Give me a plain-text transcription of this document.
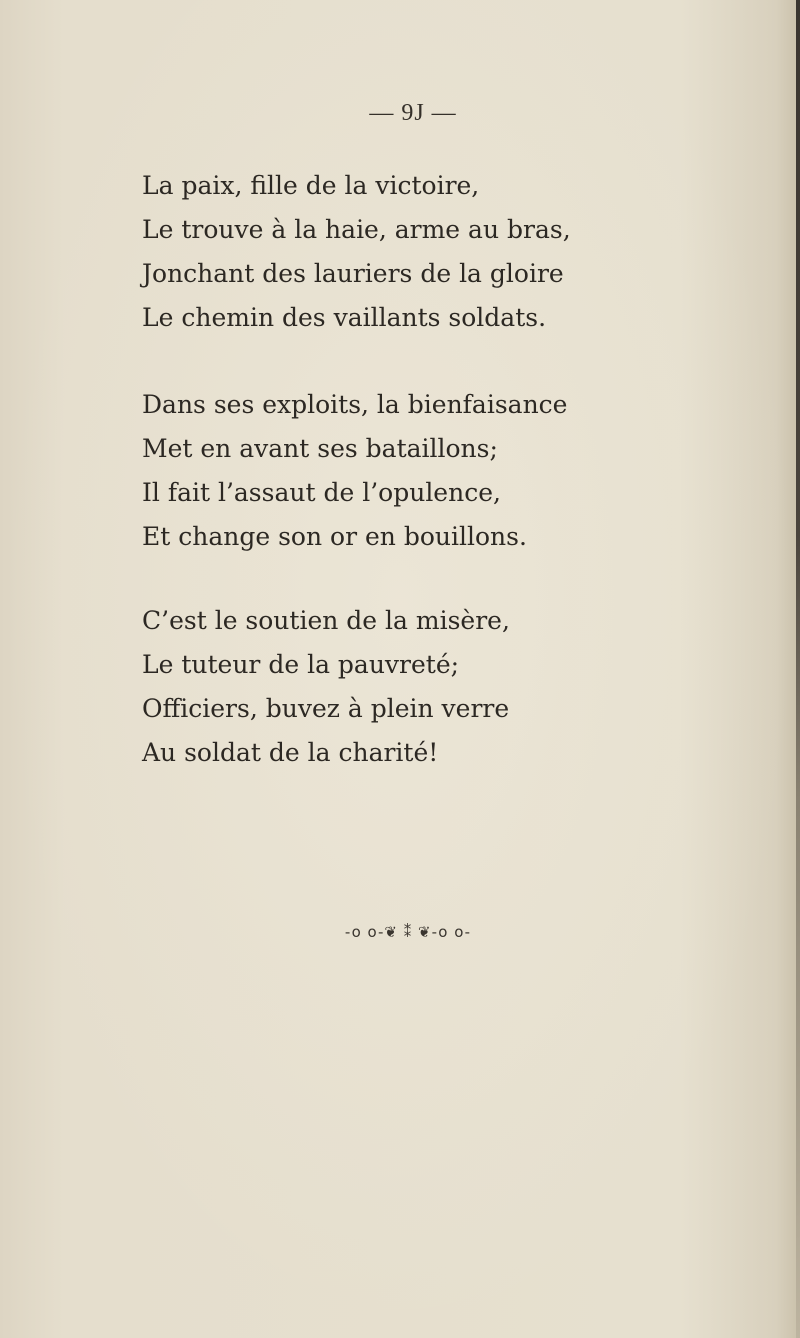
— 9J —
La paix, fille de la victoire,
Le trouve à la haie, arme au bras,
Jonchant des lauriers de la gloire
Le chemin des vaillants soldats.
Dans ses exploits, la bienfaisance
Met en avant ses bataillons;
Il fait l’assaut de l’opulence,
Et change son or en bouillons.
C’est le soutien de la misère,
Le tuteur de la pauvreté;
Officiers, buvez à plein verre
Au soldat de la charité!
-o o-❦ ⁑ ❦-o o-
